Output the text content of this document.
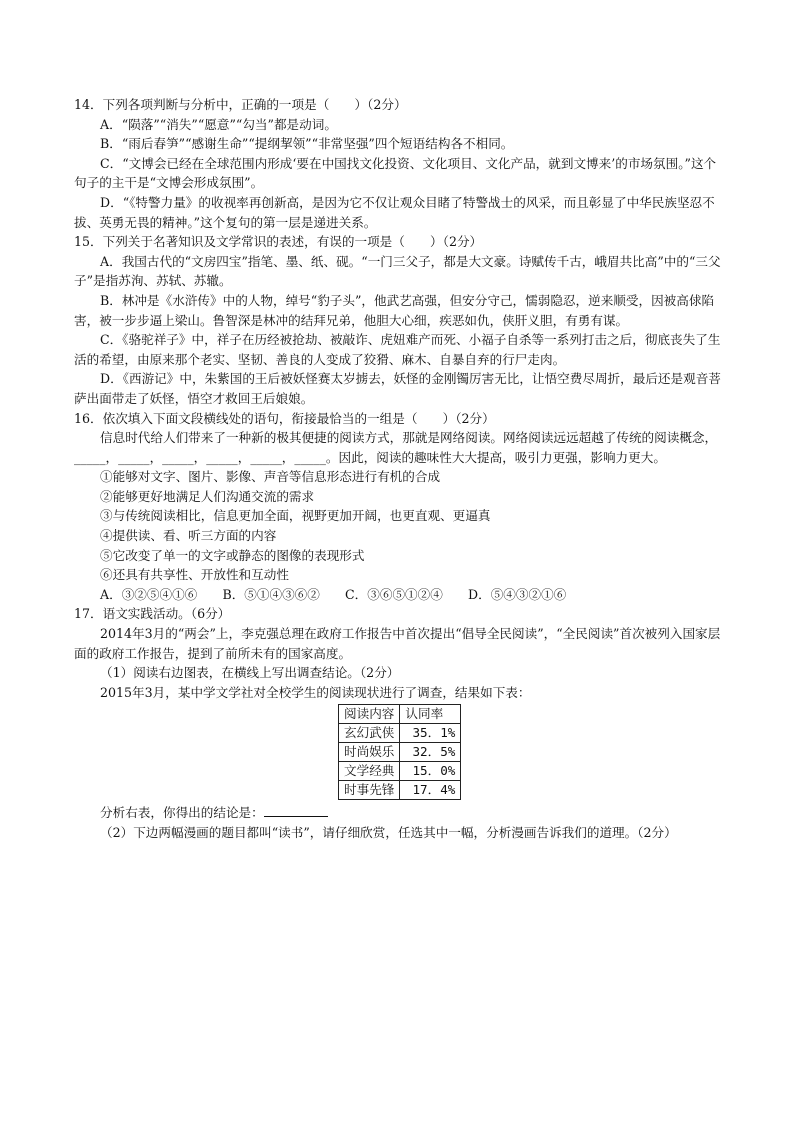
14．下列各项判断与分析中，正确的一项是（　　）（2分）

A．“陨落”“消失”“愿意”“勾当”都是动词。

B．“雨后春笋”“感谢生命”“提纲挈领”“非常坚强”四个短语结构各不相同。

C．“文博会已经在全球范围内形成‘要在中国找文化投资、文化项目、文化产品，就到文博来’的市场氛围。”这个句子的主干是“文博会形成氛围”。

D．“《特警力量》的收视率再创新高，是因为它不仅让观众目睹了特警战士的风采，而且彰显了中华民族坚忍不拔、英勇无畏的精神。”这个复句的第一层是递进关系。

15．下列关于名著知识及文学常识的表述，有误的一项是（　　）（2分）

A．我国古代的“文房四宝”指笔、墨、纸、砚。“一门三父子，都是大文豪。诗赋传千古，峨眉共比高”中的“三父子”是指苏洵、苏轼、苏辙。

B．林冲是《水浒传》中的人物，绰号“豹子头”，他武艺高强，但安分守己，懦弱隐忍，逆来顺受，因被高俅陷害，被一步步逼上梁山。鲁智深是林冲的结拜兄弟，他胆大心细，疾恶如仇，侠肝义胆，有勇有谋。

C．《骆驼祥子》中，祥子在历经被抢劫、被敲诈、虎妞难产而死、小福子自杀等一系列打击之后，彻底丧失了生活的希望，由原来那个老实、坚韧、善良的人变成了狡猾、麻木、自暴自弃的行尸走肉。

D．《西游记》中，朱紫国的王后被妖怪赛太岁掳去，妖怪的金刚镯厉害无比，让悟空费尽周折，最后还是观音菩萨出面带走了妖怪，悟空才救回王后娘娘。

16．依次填入下面文段横线处的语句，衔接最恰当的一组是（　　）（2分）

信息时代给人们带来了一种新的极其便捷的阅读方式，那就是网络阅读。网络阅读远远超越了传统的阅读概念，_____，_____，_____，_____，_____，_____。因此，阅读的趣味性大大提高，吸引力更强，影响力更大。

①能够对文字、图片、影像、声音等信息形态进行有机的合成

②能够更好地满足人们沟通交流的需求

③与传统阅读相比，信息更加全面，视野更加开阔，也更直观、更逼真

④提供读、看、听三方面的内容

⑤它改变了单一的文字或静态的图像的表现形式

⑥还具有共享性、开放性和互动性

A．③②⑤④①⑥　　B．⑤①④③⑥②　　C．③⑥⑤①②④　　D．⑤④③②①⑥

17．语文实践活动。（6分）

2014年3月的“两会”上，李克强总理在政府工作报告中首次提出“倡导全民阅读”，“全民阅读”首次被列入国家层面的政府工作报告，提到了前所未有的国家高度。

（1）阅读右边图表，在横线上写出调查结论。（2分）

2015年3月，某中学文学社对全校学生的阅读现状进行了调查，结果如下表：

阅读内容	认同率
玄幻武侠	35．1%
时尚娱乐	32．5%
文学经典	15．0%
时事先锋	17．4%

分析右表，你得出的结论是：

（2）下边两幅漫画的题目都叫“读书”，请仔细欣赏，任选其中一幅，分析漫画告诉我们的道理。（2分）
